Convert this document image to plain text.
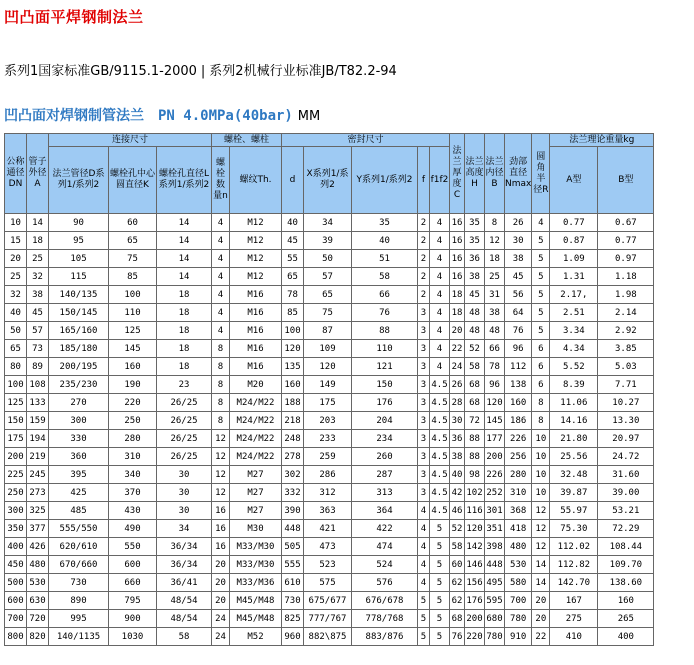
凹凸面平焊钢制法兰
系列1国家标准GB/9115.1-2000 | 系列2机械行业标准JB/T82.2-94
凹凸面对焊钢制管法兰 PN 4.0MPa(40bar) MM
公称通径DN	管子外径A	连接尺寸			螺栓、螺柱		密封尺寸					法兰厚度C	法兰高度H	法兰内径B	劲部直径Nmax	圆角半径R	法兰理论重量kg	
		法兰管径D系列1/系列2	螺栓孔中心圆直径K	螺栓孔直径L系列1/系列2	螺栓数量n	螺纹Th.	d	X系列1/系列2	Y系列1/系列2	f	f1f2						A型	B型
10	14	90	60	14	4	M12	40	34	35	2	4	16	35	8	26	4	0.77	0.67
15	18	95	65	14	4	M12	45	39	40	2	4	16	35	12	30	5	0.87	0.77
20	25	105	75	14	4	M12	55	50	51	2	4	16	36	18	38	5	1.09	0.97
25	32	115	85	14	4	M12	65	57	58	2	4	16	38	25	45	5	1.31	1.18
32	38	140/135	100	18	4	M16	78	65	66	2	4	18	45	31	56	5	2.17,	1.98
40	45	150/145	110	18	4	M16	85	75	76	3	4	18	48	38	64	5	2.51	2.14
50	57	165/160	125	18	4	M16	100	87	88	3	4	20	48	48	76	5	3.34	2.92
65	73	185/180	145	18	8	M16	120	109	110	3	4	22	52	66	96	6	4.34	3.85
80	89	200/195	160	18	8	M16	135	120	121	3	4	24	58	78	112	6	5.52	5.03
100	108	235/230	190	23	8	M20	160	149	150	3	4.5	26	68	96	138	6	8.39	7.71
125	133	270	220	26/25	8	M24/M22	188	175	176	3	4.5	28	68	120	160	8	11.06	10.27
150	159	300	250	26/25	8	M24/M22	218	203	204	3	4.5	30	72	145	186	8	14.16	13.30
175	194	330	280	26/25	12	M24/M22	248	233	234	3	4.5	36	88	177	226	10	21.80	20.97
200	219	360	310	26/25	12	M24/M22	278	259	260	3	4.5	38	88	200	256	10	25.56	24.72
225	245	395	340	30	12	M27	302	286	287	3	4.5	40	98	226	280	10	32.48	31.60
250	273	425	370	30	12	M27	332	312	313	3	4.5	42	102	252	310	10	39.87	39.00
300	325	485	430	30	16	M27	390	363	364	4	4.5	46	116	301	368	12	55.97	53.21
350	377	555/550	490	34	16	M30	448	421	422	4	5	52	120	351	418	12	75.30	72.29
400	426	620/610	550	36/34	16	M33/M30	505	473	474	4	5	58	142	398	480	12	112.02	108.44
450	480	670/660	600	36/34	20	M33/M30	555	523	524	4	5	60	146	448	530	14	112.82	109.70
500	530	730	660	36/41	20	M33/M36	610	575	576	4	5	62	156	495	580	14	142.70	138.60
600	630	890	795	48/54	20	M45/M48	730	675/677	676/678	5	5	62	176	595	700	20	167	160
700	720	995	900	48/54	24	M45/M48	825	777/767	778/768	5	5	68	200	680	780	20	275	265
800	820	140/1135	1030	58	24	M52	960	882\875	883/876	5	5	76	220	780	910	22	410	400
